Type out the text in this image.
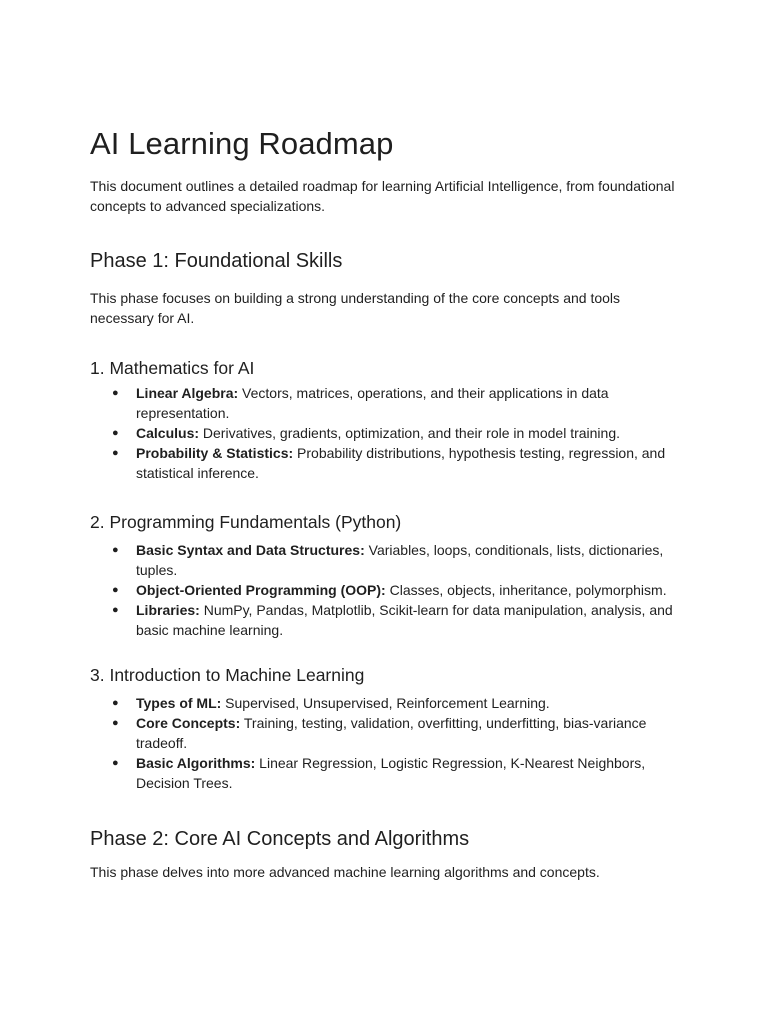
AI Learning Roadmap

This document outlines a detailed roadmap for learning Artificial Intelligence, from foundational concepts to advanced specializations.

Phase 1: Foundational Skills

This phase focuses on building a strong understanding of the core concepts and tools necessary for AI.

1. Mathematics for AI
● Linear Algebra: Vectors, matrices, operations, and their applications in data representation.
● Calculus: Derivatives, gradients, optimization, and their role in model training.
● Probability & Statistics: Probability distributions, hypothesis testing, regression, and statistical inference.
2. Programming Fundamentals (Python)
● Basic Syntax and Data Structures: Variables, loops, conditionals, lists, dictionaries, tuples.
● Object-Oriented Programming (OOP): Classes, objects, inheritance, polymorphism.
● Libraries: NumPy, Pandas, Matplotlib, Scikit-learn for data manipulation, analysis, and basic machine learning.
3. Introduction to Machine Learning
● Types of ML: Supervised, Unsupervised, Reinforcement Learning.
● Core Concepts: Training, testing, validation, overfitting, underfitting, bias-variance tradeoff.
● Basic Algorithms: Linear Regression, Logistic Regression, K-Nearest Neighbors, Decision Trees.
Phase 2: Core AI Concepts and Algorithms

This phase delves into more advanced machine learning algorithms and concepts.
